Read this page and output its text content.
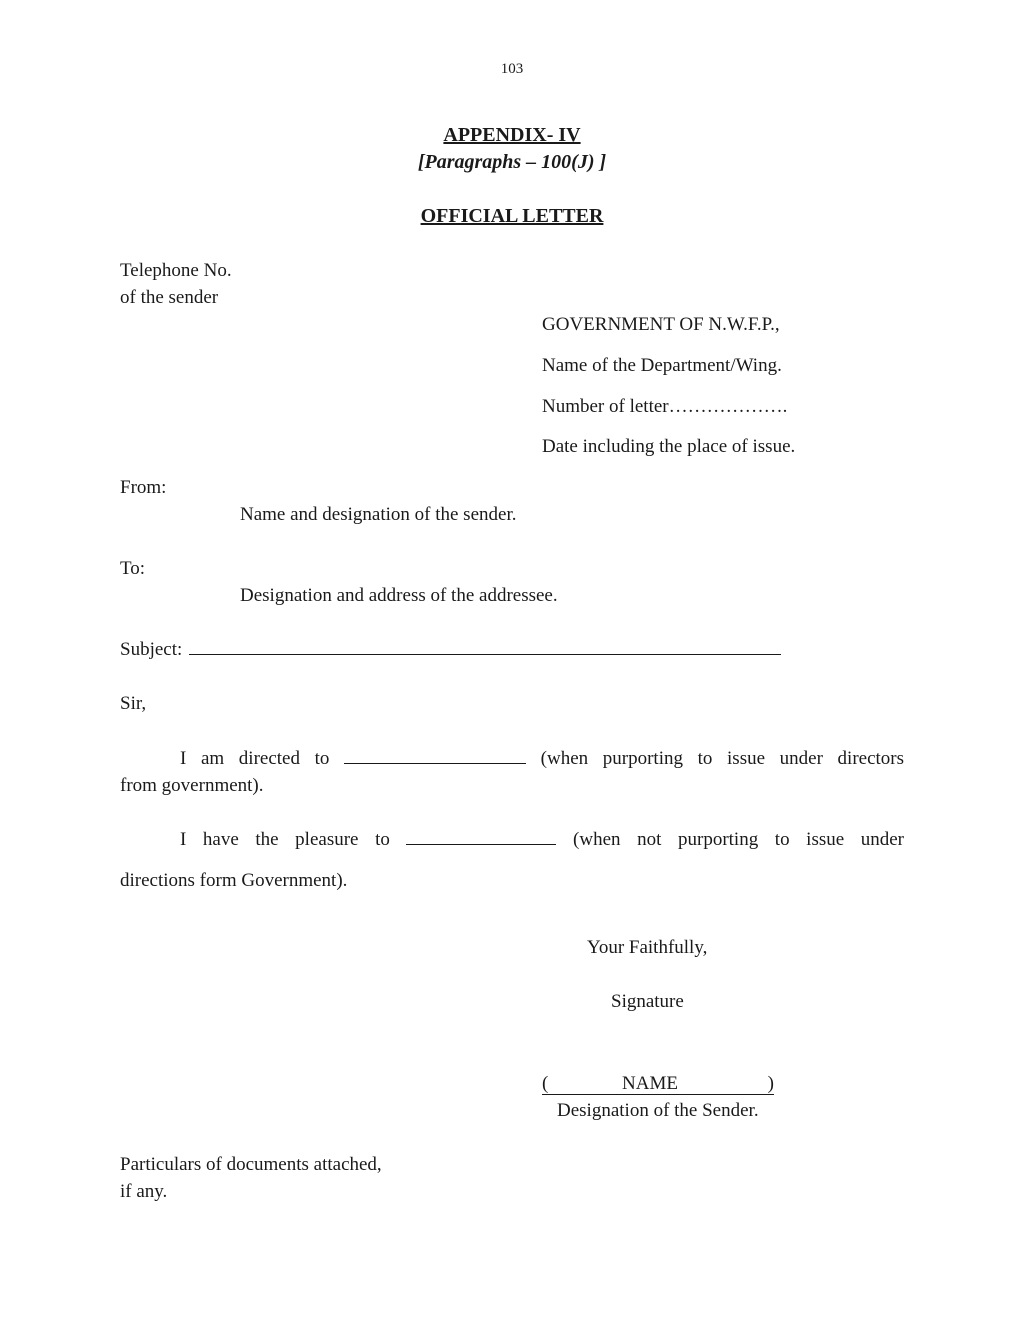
103
APPENDIX- IV
[Paragraphs – 100(J) ]
OFFICIAL LETTER
Telephone No.
of the sender
GOVERNMENT OF N.W.F.P.,
Name of the Department/Wing.
Number of letter……………….
Date including the place of issue.
From:
Name and designation of the sender.
To:
Designation and address of the addressee.
Subject:
Sir,
I am directed to	(when purporting to issue under directors
from government).
I have the pleasure to	(when not purporting to issue under
directions form Government).
Your Faithfully,
Signature
(	NAME	)
Designation of the Sender.
Particulars of documents attached,
if any.
